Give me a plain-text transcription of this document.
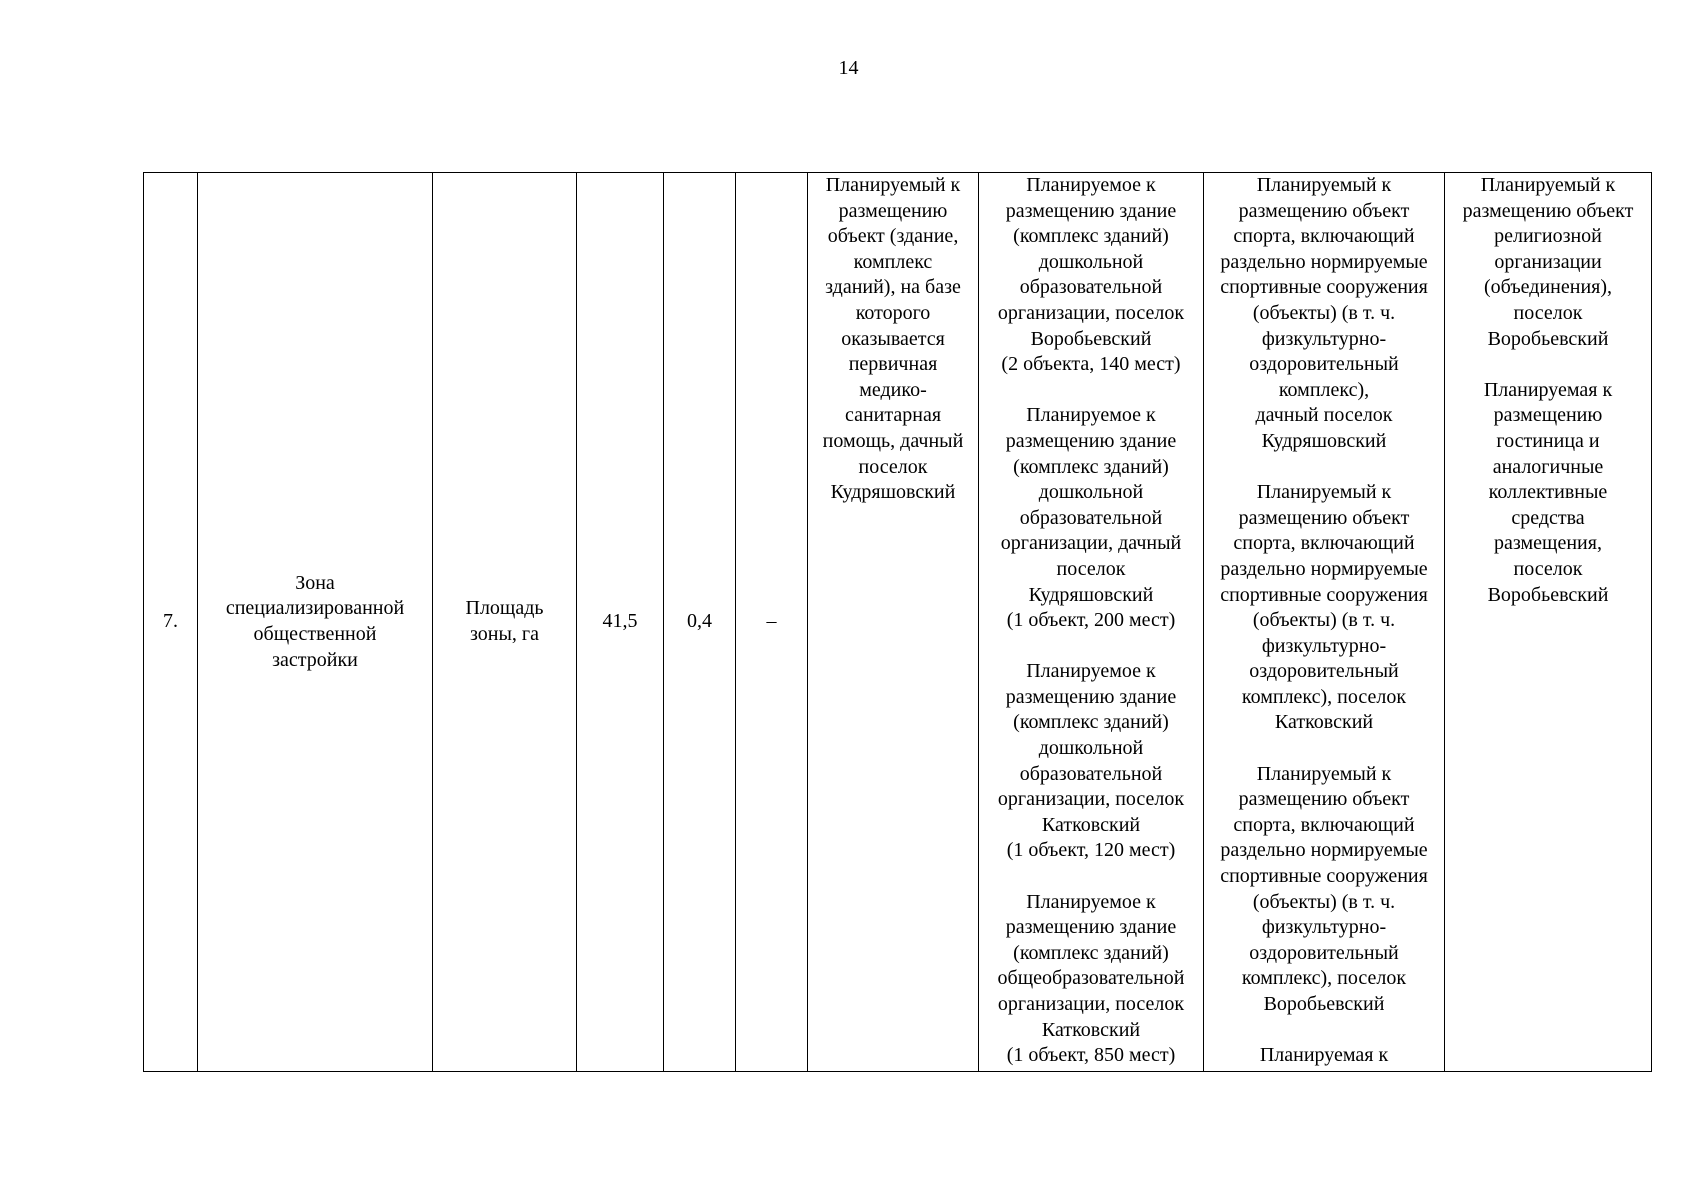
14
7.

Зона
специализированной
общественной
застройки

Площадь
зоны, га

41,5	0,4	–

Планируемый к
размещению
объект (здание,
комплекс
зданий), на базе
которого
оказывается
первичная
медико-
санитарная
помощь, дачный
поселок
Кудряшовский

Планируемое к
размещению здание
(комплекс зданий)
дошкольной
образовательной
организации, поселок
Воробьевский
(2 объекта, 140 мест)
Планируемое к
размещению здание
(комплекс зданий)
дошкольной
образовательной
организации, дачный
поселок
Кудряшовский
(1 объект, 200 мест)
Планируемое к
размещению здание
(комплекс зданий)
дошкольной
образовательной
организации, поселок
Катковский
(1 объект, 120 мест)
Планируемое к
размещению здание
(комплекс зданий)
общеобразовательной
организации, поселок
Катковский
(1 объект, 850 мест)

Планируемый к
размещению объект
спорта, включающий
раздельно нормируемые
спортивные сооружения
(объекты) (в т. ч.
физкультурно-
оздоровительный
комплекс),
дачный поселок
Кудряшовский
Планируемый к
размещению объект
спорта, включающий
раздельно нормируемые
спортивные сооружения
(объекты) (в т. ч.
физкультурно-
оздоровительный
комплекс), поселок
Катковский
Планируемый к
размещению объект
спорта, включающий
раздельно нормируемые
спортивные сооружения
(объекты) (в т. ч.
физкультурно-
оздоровительный
комплекс), поселок
Воробьевский
Планируемая к

Планируемый к
размещению объект
религиозной
организации
(объединения),
поселок
Воробьевский
Планируемая к
размещению
гостиница и
аналогичные
коллективные
средства
размещения,
поселок
Воробьевский
